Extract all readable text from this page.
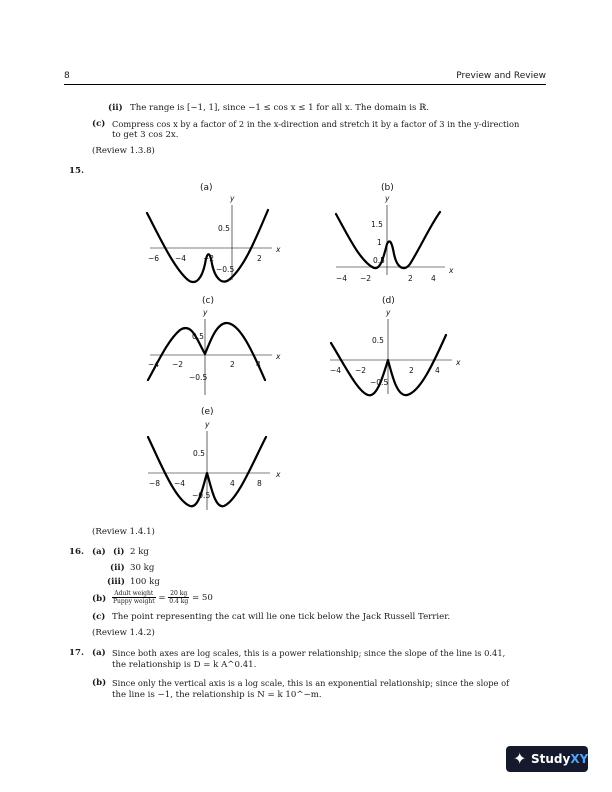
8	Preview and Review
(ii) The range is [−1, 1], since −1 ≤ cos x ≤ 1 for all x. The domain is ℝ.
(c) Compress cos x by a factor of 2 in the x-direction and stretch it by a factor of 3 in the y-direction
to get 3 cos 2x.
(Review 1.3.8)
15.
(a)
y
x
0.5
−6 −4 −2	2
−0.5
(b)
y
x
1.5
1
0.5
−4 −2	2 4
(c)
y
x
0.5
−4 −2	2	4
−0.5
(d)
y
x
0.5
−4 −2	2	4
−0.5
(e)
y
x
0.5
−8 −4	4	8
−0.5
(Review 1.4.1)
16. (a) (i) 2 kg
(ii) 30 kg
(iii) 100 kg
$(b) \frac{\text{Adult weight}}{\text{Puppy weight}} = \frac{20 kg}{0.4 kg} = 50$
(c) The point representing the cat will lie one tick below the Jack Russell Terrier.
(Review 1.4.2)
17. (a) Since both axes are log scales, this is a power relationship; since the slope of the line is 0.41,
the relationship is D = k A^0.41.
(b) Since only the vertical axis is a log scale, this is an exponential relationship; since the slope of
the line is −1, the relationship is N = k 10^−m.
✦ StudyXY
